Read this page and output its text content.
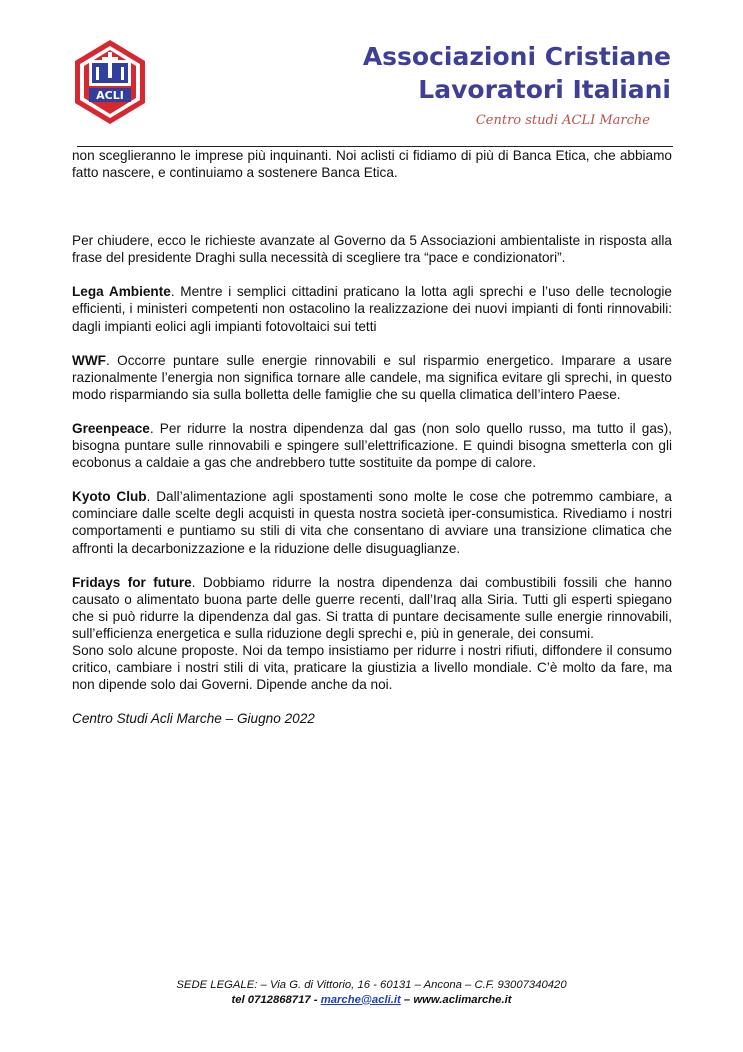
ACLI
Associazioni Cristiane
Lavoratori Italiani
Centro studi ACLI Marche

non sceglieranno le imprese più inquinanti. Noi aclisti ci fidiamo di più di Banca Etica, che abbiamo fatto nascere, e continuiamo a sostenere Banca Etica.

Per chiudere, ecco le richieste avanzate al Governo da 5 Associazioni ambientaliste in risposta alla frase del presidente Draghi sulla necessità di scegliere tra “pace e condizionatori”.

Lega Ambiente. Mentre i semplici cittadini praticano la lotta agli sprechi e l’uso delle tecnologie efficienti, i ministeri competenti non ostacolino la realizzazione dei nuovi impianti di fonti rinnovabili: dagli impianti eolici agli impianti fotovoltaici sui tetti

WWF. Occorre puntare sulle energie rinnovabili e sul risparmio energetico. Imparare a usare razionalmente l’energia non significa tornare alle candele, ma significa evitare gli sprechi, in questo modo risparmiando sia sulla bolletta delle famiglie che su quella climatica dell’intero Paese.

Greenpeace. Per ridurre la nostra dipendenza dal gas (non solo quello russo, ma tutto il gas), bisogna puntare sulle rinnovabili e spingere sull’elettrificazione. E quindi bisogna smetterla con gli ecobonus a caldaie a gas che andrebbero tutte sostituite da pompe di calore.

Kyoto Club. Dall’alimentazione agli spostamenti sono molte le cose che potremmo cambiare, a cominciare dalle scelte degli acquisti in questa nostra società iper-consumistica. Rivediamo i nostri comportamenti e puntiamo su stili di vita che consentano di avviare una transizione climatica che affronti la decarbonizzazione e la riduzione delle disuguaglianze.

Fridays for future. Dobbiamo ridurre la nostra dipendenza dai combustibili fossili che hanno causato o alimentato buona parte delle guerre recenti, dall’Iraq alla Siria. Tutti gli esperti spiegano che si può ridurre la dipendenza dal gas. Si tratta di puntare decisamente sulle energie rinnovabili, sull’efficienza energetica e sulla riduzione degli sprechi e, più in generale, dei consumi.

Sono solo alcune proposte. Noi da tempo insistiamo per ridurre i nostri rifiuti, diffondere il consumo critico, cambiare i nostri stili di vita, praticare la giustizia a livello mondiale. C’è molto da fare, ma non dipende solo dai Governi. Dipende anche da noi.

Centro Studi Acli Marche – Giugno 2022

SEDE LEGALE: – Via G. di Vittorio, 16 - 60131 – Ancona – C.F. 93007340420
tel 0712868717 - marche@acli.it – www.aclimarche.it
